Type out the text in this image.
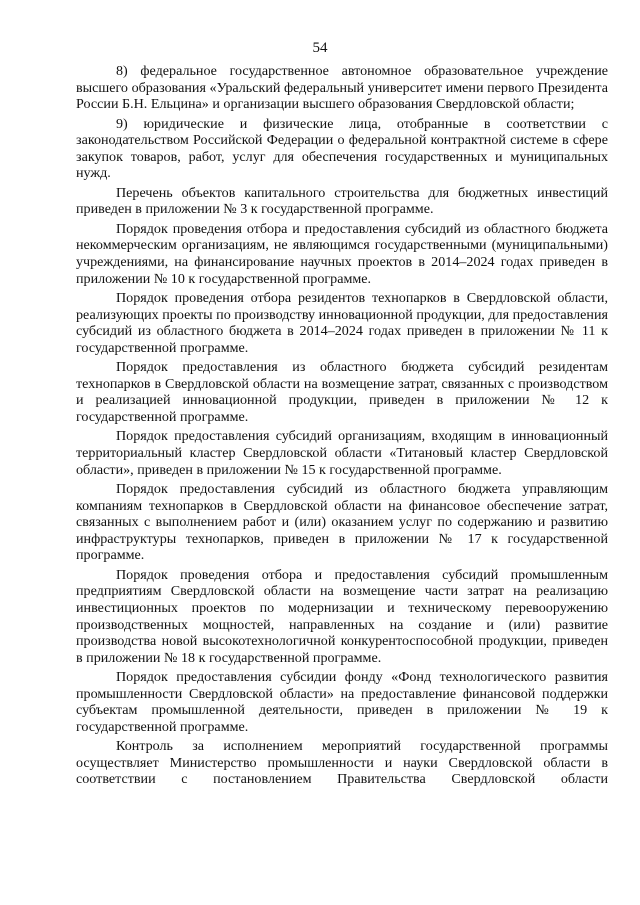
54

8) федеральное государственное автономное образовательное учреждение высшего образования «Уральский федеральный университет имени первого Президента России Б.Н. Ельцина» и организации высшего образования Свердловской области;

9) юридические и физические лица, отобранные в соответствии с законодательством Российской Федерации о федеральной контрактной системе в сфере закупок товаров, работ, услуг для обеспечения государственных и муниципальных нужд.

Перечень объектов капитального строительства для бюджетных инвестиций приведен в приложении № 3 к государственной программе.

Порядок проведения отбора и предоставления субсидий из областного бюджета некоммерческим организациям, не являющимся государственными (муниципальными) учреждениями, на финансирование научных проектов в 2014–2024 годах приведен в приложении № 10 к государственной программе.

Порядок проведения отбора резидентов технопарков в Свердловской области, реализующих проекты по производству инновационной продукции, для предоставления субсидий из областного бюджета в 2014–2024 годах приведен в приложении № 11 к государственной программе.

Порядок предоставления из областного бюджета субсидий резидентам технопарков в Свердловской области на возмещение затрат, связанных с производством и реализацией инновационной продукции, приведен в приложении № 12 к государственной программе.

Порядок предоставления субсидий организациям, входящим в инновационный территориальный кластер Свердловской области «Титановый кластер Свердловской области», приведен в приложении № 15 к государственной программе.

Порядок предоставления субсидий из областного бюджета управляющим компаниям технопарков в Свердловской области на финансовое обеспечение затрат, связанных с выполнением работ и (или) оказанием услуг по содержанию и развитию инфраструктуры технопарков, приведен в приложении № 17 к государственной программе.

Порядок проведения отбора и предоставления субсидий промышленным предприятиям Свердловской области на возмещение части затрат на реализацию инвестиционных проектов по модернизации и техническому перевооружению производственных мощностей, направленных на создание и (или) развитие производства новой высокотехнологичной конкурентоспособной продукции, приведен в приложении № 18 к государственной программе.

Порядок предоставления субсидии фонду «Фонд технологического развития промышленности Свердловской области» на предоставление финансовой поддержки субъектам промышленной деятельности, приведен в приложении № 19 к государственной программе.

Контроль за исполнением мероприятий государственной программы осуществляет Министерство промышленности и науки Свердловской области в соответствии с постановлением Правительства Свердловской области
